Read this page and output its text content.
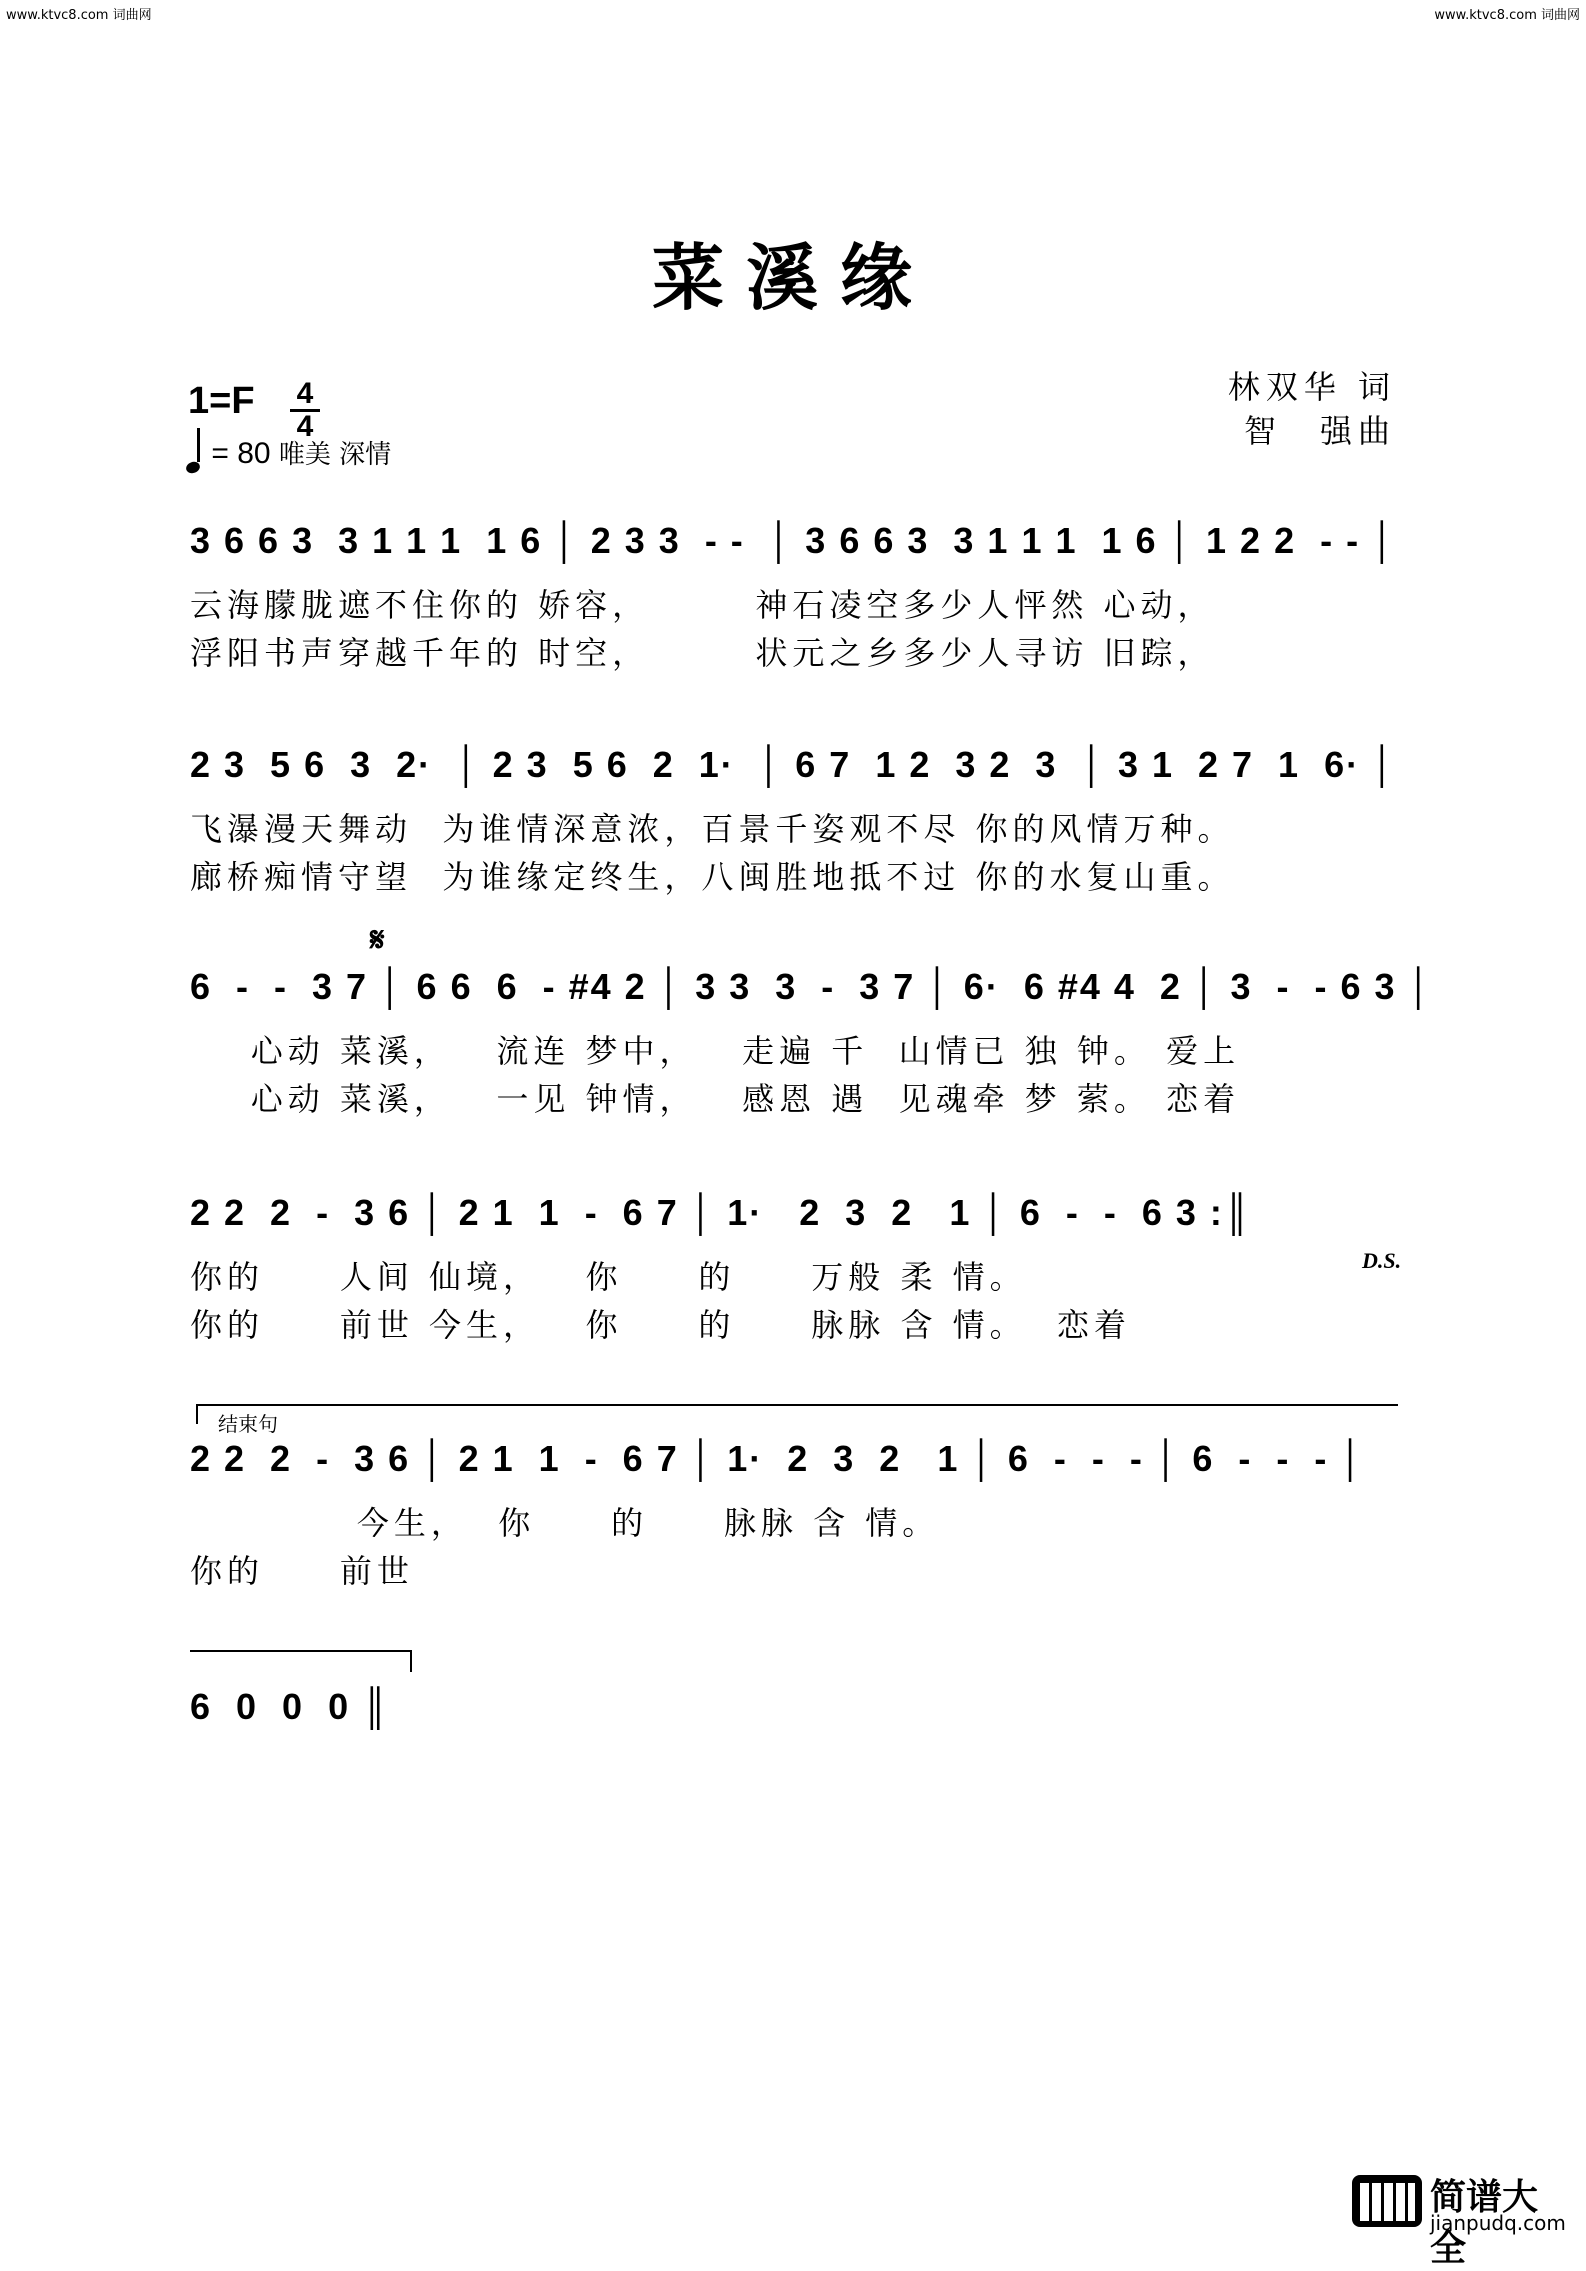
www.ktvc8.com 词曲网	www.ktvc8.com 词曲网
菜溪缘
1=F 4
4
= 80 唯美 深情
林双华 词
智　强曲
3 6 6 3  3 1 1 1  1 6 │ 2 3 3  - -  │ 3 6 6 3  3 1 1 1  1 6 │ 1 2 2  - - │
云海朦胧遮不住你的 娇容，       神石凌空多少人怦然 心动，
浮阳书声穿越千年的 时空，       状元之乡多少人寻访 旧踪，
2 3  5 6  3  2·  │ 2 3  5 6  2  1·  │ 6 7  1 2  3 2  3  │ 3 1  2 7  1  6· │
飞瀑漫天舞动  为谁情深意浓，百景千姿观不尽 你的风情万种。
廊桥痴情守望  为谁缘定终生，八闽胜地抵不过 你的水复山重。
𝄋
6  -  -  3 7 │ 6 6  6  - #4 2 │ 3 3  3  -  3 7 │ 6·  6 #4 4  2 │ 3  -  - 6 3 │
心动 菜溪，   流连 梦中，   走遍 千  山情已 独 钟。 爱上
心动 菜溪，   一见 钟情，   感恩 遇  见魂牵 梦 萦。 恋着
2 2  2  -  3 6 │ 2 1  1  -  6 7 │ 1·   2  3  2   1 │ 6  -  -  6 3 :║
D.S.
你的     人间 仙境，   你     的     万般 柔 情。
你的     前世 今生，   你     的     脉脉 含 情。  恋着
结束句
2 2  2  -  3 6 │ 2 1  1  -  6 7 │ 1·  2  3  2   1 │ 6  -  -  - │ 6  -  -  - │
今生，  你     的     脉脉 含 情。
你的     前世
6  0  0  0 ║
简谱大全
jianpudq.com
